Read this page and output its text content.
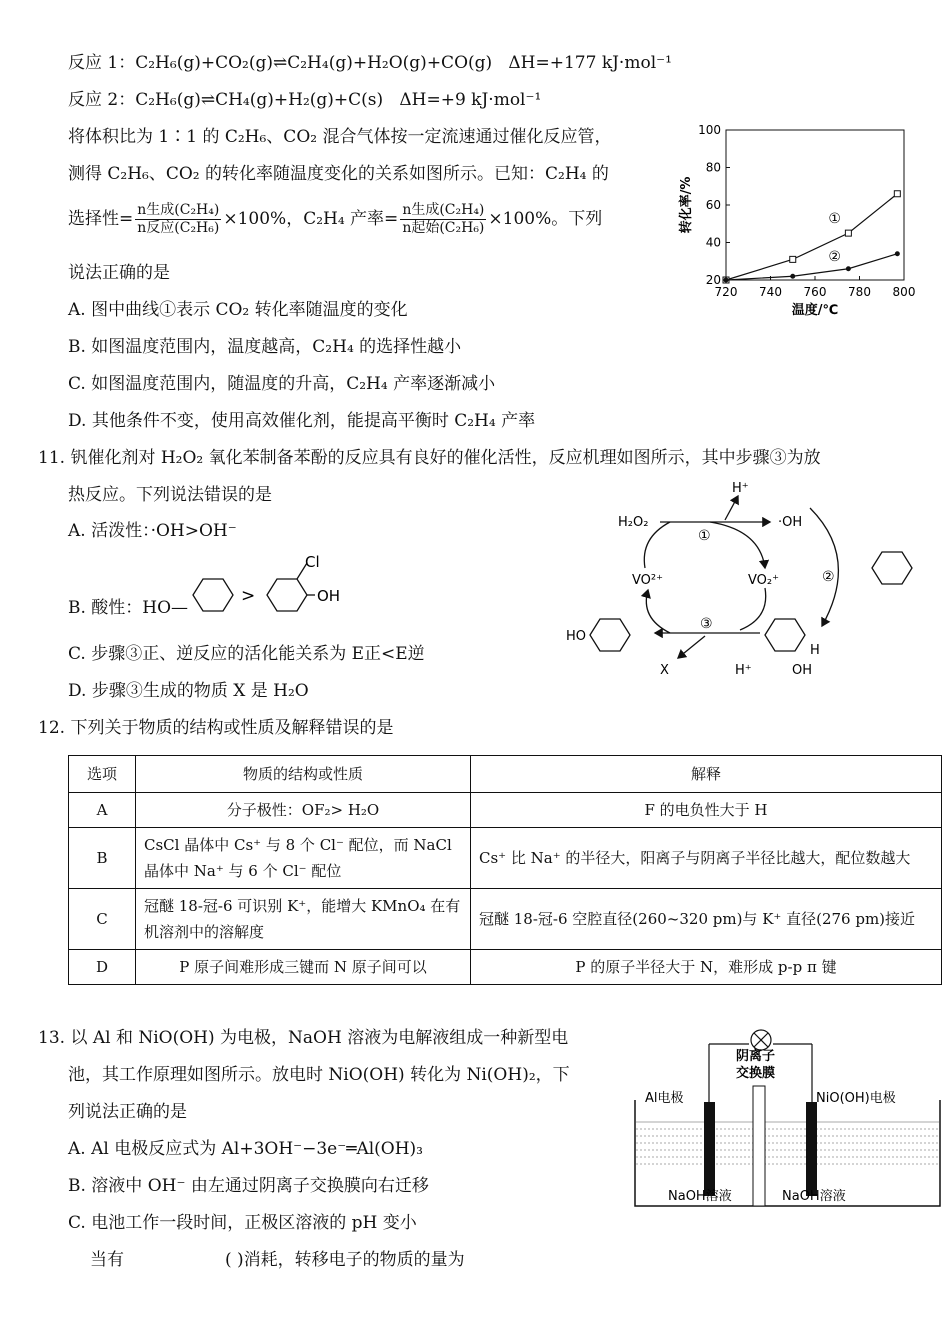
反应 1：C₂H₆(g)+CO₂(g)⇌C₂H₄(g)+H₂O(g)+CO(g) ΔH=+177 kJ·mol⁻¹
反应 2：C₂H₆(g)⇌CH₄(g)+H₂(g)+C(s) ΔH=+9 kJ·mol⁻¹
将体积比为 1∶1 的 C₂H₆、CO₂ 混合气体按一定流速通过催化反应管，
测得 C₂H₆、CO₂ 的转化率随温度变化的关系如图所示。已知：C₂H₄ 的
选择性= $\frac{\text{n生成(C₂H₄)}}{\text{n反应(C₂H₆)}} \times 100\%$，C₂H₄ 产率= $\frac{\text{n生成(C₂H₄)}}{\text{n起始(C₂H₆)}} \times 100\%$。下列
说法正确的是
A. 图中曲线①表示 CO₂ 转化率随温度的变化
B. 如图温度范围内，温度越高，C₂H₄ 的选择性越小
C. 如图温度范围内，随温度的升高，C₂H₄ 产率逐渐减小
D. 其他条件不变，使用高效催化剂，能提高平衡时 C₂H₄ 产率
720 740 760 780 800
20
40
60
80
100
温度/℃
转化率/%	①
②
11. 钒催化剂对 H₂O₂ 氧化苯制备苯酚的反应具有良好的催化活性，反应机理如图所示，其中步骤③为放
热反应。下列说法错误的是
A. 活泼性：·OH>OH⁻
B. 酸性：HO—
>
Cl
OH
C. 步骤③正、逆反应的活化能关系为 E正<E逆
D. 步骤③生成的物质 X 是 H₂O
H₂O₂
H⁺
·OH
①
VO²⁺	VO₂⁺	②
③
HO
X	H⁺
H
OH
12. 下列关于物质的结构或性质及解释错误的是
选项	物质的结构或性质	解释
A	分子极性：OF₂> H₂O	F 的电负性大于 H
B	CsCl 晶体中 Cs⁺ 与 8 个 Cl⁻ 配位，而 NaCl 晶体中 Na⁺ 与 6 个 Cl⁻ 配位	Cs⁺ 比 Na⁺ 的半径大，阳离子与阴离子半径比越大，配位数越大
C	冠醚 18-冠-6 可识别 K⁺，能增大 KMnO₄ 在有机溶剂中的溶解度	冠醚 18-冠-6 空腔直径(260~320 pm)与 K⁺ 直径(276 pm)接近
D	P 原子间难形成三键而 N 原子间可以	P 的原子半径大于 N，难形成 p-p π 键
13. 以 Al 和 NiO(OH) 为电极，NaOH 溶液为电解液组成一种新型电
池，其工作原理如图所示。放电时 NiO(OH) 转化为 Ni(OH)₂，下
列说法正确的是
A. Al 电极反应式为 Al+3OH⁻−3e⁻═Al(OH)₃
B. 溶液中 OH⁻ 由左通过阴离子交换膜向右迁移
C. 电池工作一段时间，正极区溶液的 pH 变小
当有	( )消耗，转移电子的物质的量为
阴离子
交换膜
Al电极	NiO(OH)电极
NaOH溶液	NaOH溶液
